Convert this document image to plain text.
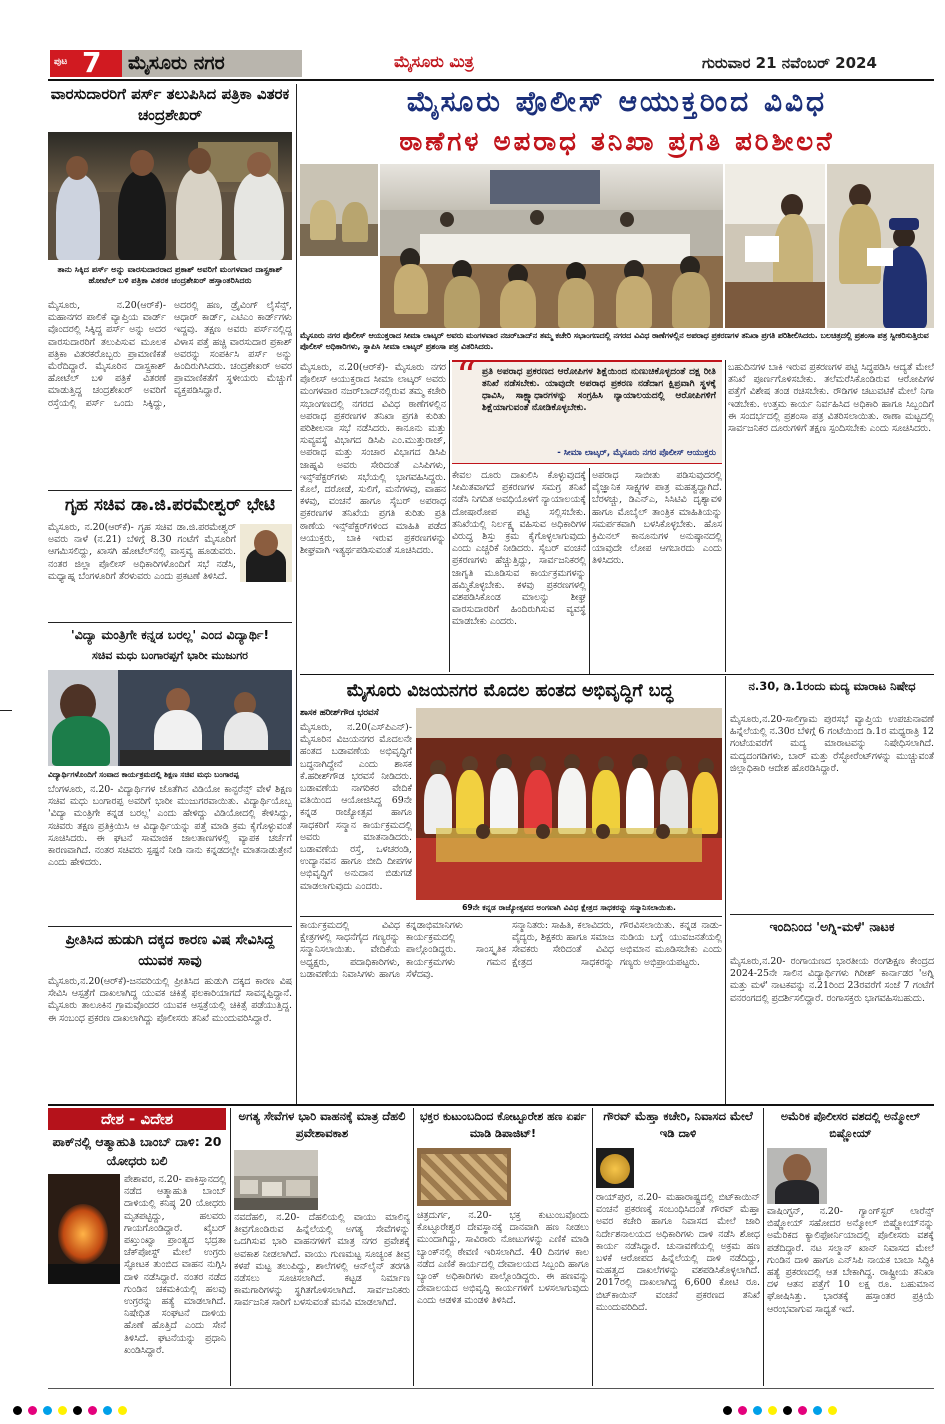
ಪುಟ 7 ಮೈಸೂರು ನಗರ	ಮೈಸೂರು ಮಿತ್ರ	ಗುರುವಾರ 21 ನವೆಂಬರ್ 2024
ವಾರಸುದಾರರಿಗೆ ಪರ್ಸ್ ತಲುಪಿಸಿದ ಪತ್ರಿಕಾ ವಿತರಕ ಚಂದ್ರಶೇಖರ್
ತಾನು ಸಿಕ್ಕಿದ ಪರ್ಸ್ ಅನ್ನು ವಾರಸುದಾರರಾದ ಪ್ರಕಾಶ್ ಅವರಿಗೆ ಮಂಗಳವಾರ ದಾಸ್ಪ್ರಕಾಶ್ ಹೋಟೆಲ್ ಬಳಿ ಪತ್ರಿಕಾ ವಿತರಕ ಚಂದ್ರಶೇಖರ್ ಹಸ್ತಾಂತರಿಸಿದರು
ಮೈಸೂರು, ನ.20(ಆರ್‌ಕೆ)- ಮಹಾನಗರ ಪಾಲಿಕೆ ವ್ಯಾಪ್ತಿಯ ವಾರ್ಡ್ ವೊಂದರಲ್ಲಿ ಸಿಕ್ಕಿದ್ದ ಪರ್ಸ್ ಅನ್ನು ಅದರ ವಾರಸುದಾರರಿಗೆ ತಲುಪಿಸುವ ಮೂಲಕ ಪತ್ರಿಕಾ ವಿತರಕರೊಬ್ಬರು ಪ್ರಾಮಾಣಿಕತೆ ಮೆರೆದಿದ್ದಾರೆ. ಮೈಸೂರಿನ ದಾಸ್ಪ್ರಕಾಶ್ ಹೋಟೆಲ್ ಬಳಿ ಪತ್ರಿಕೆ ವಿತರಣೆ ಮಾಡುತ್ತಿದ್ದ ಚಂದ್ರಶೇಖರ್ ಅವರಿಗೆ ರಸ್ತೆಯಲ್ಲಿ ಪರ್ಸ್ ಒಂದು ಸಿಕ್ಕಿದ್ದು, ಅದರಲ್ಲಿ ಹಣ, ಡ್ರೈವಿಂಗ್ ಲೈಸೆನ್ಸ್, ಆಧಾರ್ ಕಾರ್ಡ್, ಎಟಿಎಂ ಕಾರ್ಡ್‌ಗಳು ಇದ್ದವು. ತಕ್ಷಣ ಅವರು ಪರ್ಸ್‌ನಲ್ಲಿದ್ದ ವಿಳಾಸ ಪತ್ತೆ ಹಚ್ಚಿ ವಾರಸುದಾರ ಪ್ರಕಾಶ್ ಅವರನ್ನು ಸಂಪರ್ಕಿಸಿ ಪರ್ಸ್ ಅನ್ನು ಹಿಂದಿರುಗಿಸಿದರು. ಚಂದ್ರಶೇಖರ್ ಅವರ ಪ್ರಾಮಾಣಿಕತೆಗೆ ಸ್ಥಳೀಯರು ಮೆಚ್ಚುಗೆ ವ್ಯಕ್ತಪಡಿಸಿದ್ದಾರೆ.
ಗೃಹ ಸಚಿವ ಡಾ.ಜಿ.ಪರಮೇಶ್ವರ್ ಭೇಟಿ
ಮೈಸೂರು, ನ.20(ಆರ್‌ಕೆ)- ಗೃಹ ಸಚಿವ ಡಾ.ಜಿ.ಪರಮೇಶ್ವರ್ ಅವರು ನಾಳೆ (ನ.21) ಬೆಳಿಗ್ಗೆ 8.30 ಗಂಟೆಗೆ ಮೈಸೂರಿಗೆ ಆಗಮಿಸಲಿದ್ದು, ಖಾಸಗಿ ಹೋಟೆಲ್‌ನಲ್ಲಿ ವಾಸ್ತವ್ಯ ಹೂಡುವರು. ನಂತರ ಜಿಲ್ಲಾ ಪೊಲೀಸ್ ಅಧಿಕಾರಿಗಳೊಂದಿಗೆ ಸಭೆ ನಡೆಸಿ, ಮಧ್ಯಾಹ್ನ ಬೆಂಗಳೂರಿಗೆ ತೆರಳುವರು ಎಂದು ಪ್ರಕಟಣೆ ತಿಳಿಸಿದೆ.
'ವಿದ್ಯಾ ಮಂತ್ರಿಗೇ ಕನ್ನಡ ಬರಲ್ಲ' ಎಂದ ವಿದ್ಯಾರ್ಥಿ!
ಸಚಿವ ಮಧು ಬಂಗಾರಪ್ಪಗೆ ಭಾರೀ ಮುಜುಗರ
ವಿದ್ಯಾರ್ಥಿಗಳೊಂದಿಗೆ ಸಂವಾದ ಕಾರ್ಯಕ್ರಮದಲ್ಲಿ ಶಿಕ್ಷಣ ಸಚಿವ ಮಧು ಬಂಗಾರಪ್ಪ
ಬೆಂಗಳೂರು, ನ.20- ವಿದ್ಯಾರ್ಥಿಗಳ ಜೊತೆಗಿನ ವಿಡಿಯೋ ಕಾನ್ಫರೆನ್ಸ್ ವೇಳೆ ಶಿಕ್ಷಣ ಸಚಿವ ಮಧು ಬಂಗಾರಪ್ಪ ಅವರಿಗೆ ಭಾರೀ ಮುಜುಗರವಾಯಿತು. ವಿದ್ಯಾರ್ಥಿಯೊಬ್ಬ 'ವಿದ್ಯಾ ಮಂತ್ರಿಗೇ ಕನ್ನಡ ಬರಲ್ಲ' ಎಂದು ಹೇಳಿದ್ದು ವಿಡಿಯೋದಲ್ಲಿ ಕೇಳಿಸಿದ್ದು, ಸಚಿವರು ತಕ್ಷಣ ಪ್ರತಿಕ್ರಿಯಿಸಿ ಆ ವಿದ್ಯಾರ್ಥಿಯನ್ನು ಪತ್ತೆ ಮಾಡಿ ಕ್ರಮ ಕೈಗೊಳ್ಳುವಂತೆ ಸೂಚಿಸಿದರು. ಈ ಘಟನೆ ಸಾಮಾಜಿಕ ಜಾಲತಾಣಗಳಲ್ಲಿ ವ್ಯಾಪಕ ಚರ್ಚೆಗೆ ಕಾರಣವಾಗಿದೆ. ನಂತರ ಸಚಿವರು ಸ್ಪಷ್ಟನೆ ನೀಡಿ ನಾನು ಕನ್ನಡದಲ್ಲೇ ಮಾತನಾಡುತ್ತೇನೆ ಎಂದು ಹೇಳಿದರು.
ಪ್ರೀತಿಸಿದ ಹುಡುಗಿ ದಕ್ಕದ ಕಾರಣ ವಿಷ ಸೇವಿಸಿದ್ದ ಯುವಕ ಸಾವು
ಮೈಸೂರು,ನ.20(ಆರ್‌ಕೆ)-ಜನವರಿಯಲ್ಲಿ ಪ್ರೀತಿಸಿದ ಹುಡುಗಿ ದಕ್ಕದ ಕಾರಣ ವಿಷ ಸೇವಿಸಿ ಆಸ್ಪತ್ರೆಗೆ ದಾಖಲಾಗಿದ್ದ ಯುವಕ ಚಿಕಿತ್ಸೆ ಫಲಕಾರಿಯಾಗದೆ ಸಾವನ್ನಪ್ಪಿದ್ದಾನೆ. ಮೈಸೂರು ತಾಲೂಕಿನ ಗ್ರಾಮವೊಂದರ ಯುವಕ ಆಸ್ಪತ್ರೆಯಲ್ಲಿ ಚಿಕಿತ್ಸೆ ಪಡೆಯುತ್ತಿದ್ದ. ಈ ಸಂಬಂಧ ಪ್ರಕರಣ ದಾಖಲಾಗಿದ್ದು ಪೊಲೀಸರು ತನಿಖೆ ಮುಂದುವರಿಸಿದ್ದಾರೆ.
ಮೈಸೂರು ಪೊಲೀಸ್ ಆಯುಕ್ತರಿಂದ ವಿವಿಧ
ಠಾಣೆಗಳ ಅಪರಾಧ ತನಿಖಾ ಪ್ರಗತಿ ಪರಿಶೀಲನೆ
ಮೈಸೂರು ನಗರ ಪೊಲೀಸ್ ಆಯುಕ್ತರಾದ ಸೀಮಾ ಲಾಟ್ಕರ್ ಅವರು ಮಂಗಳವಾರ ನಜರ್‌ಬಾದ್‌ನ ತಮ್ಮ ಕಚೇರಿ ಸಭಾಂಗಣದಲ್ಲಿ ನಗರದ ವಿವಿಧ ಠಾಣೆಗಳಲ್ಲಿನ ಅಪರಾಧ ಪ್ರಕರಣಗಳ ತನಿಖಾ ಪ್ರಗತಿ ಪರಿಶೀಲಿಸಿದರು. ಬಲಚಿತ್ರದಲ್ಲಿ ಪ್ರಶಂಸಾ ಪತ್ರ ಸ್ವೀಕರಿಸುತ್ತಿರುವ ಪೊಲೀಸ್ ಅಧಿಕಾರಿಗಳು, ಸ್ಥಾಪಿಸಿ ಸೀಮಾ ಲಾಟ್ಕರ್ ಪ್ರಶಂಸಾ ಪತ್ರ ವಿತರಿಸಿದರು.
ಮೈಸೂರು, ನ.20(ಆರ್‌ಕೆ)- ಮೈಸೂರು ನಗರ ಪೊಲೀಸ್ ಆಯುಕ್ತರಾದ ಸೀಮಾ ಲಾಟ್ಕರ್ ಅವರು ಮಂಗಳವಾರ ನಜರ್‌ಬಾದ್‌ನಲ್ಲಿರುವ ತಮ್ಮ ಕಚೇರಿ ಸಭಾಂಗಣದಲ್ಲಿ ನಗರದ ವಿವಿಧ ಠಾಣೆಗಳಲ್ಲಿನ ಅಪರಾಧ ಪ್ರಕರಣಗಳ ತನಿಖಾ ಪ್ರಗತಿ ಕುರಿತು ಪರಿಶೀಲನಾ ಸಭೆ ನಡೆಸಿದರು. ಕಾನೂನು ಮತ್ತು ಸುವ್ಯವಸ್ಥೆ ವಿಭಾಗದ ಡಿಸಿಪಿ ಎಂ.ಮುತ್ತುರಾಜ್, ಅಪರಾಧ ಮತ್ತು ಸಂಚಾರ ವಿಭಾಗದ ಡಿಸಿಪಿ ಜಾಹ್ನವಿ ಅವರು ಸೇರಿದಂತೆ ಎಸಿಪಿಗಳು, ಇನ್ಸ್‌ಪೆಕ್ಟರ್‌ಗಳು ಸಭೆಯಲ್ಲಿ ಭಾಗವಹಿಸಿದ್ದರು. ಕೊಲೆ, ದರೋಡೆ, ಸುಲಿಗೆ, ಮನೆಗಳವು, ವಾಹನ ಕಳವು, ವಂಚನೆ ಹಾಗೂ ಸೈಬರ್ ಅಪರಾಧ ಪ್ರಕರಣಗಳ ತನಿಖೆಯ ಪ್ರಗತಿ ಕುರಿತು ಪ್ರತಿ ಠಾಣೆಯ ಇನ್ಸ್‌ಪೆಕ್ಟರ್‌ಗಳಿಂದ ಮಾಹಿತಿ ಪಡೆದ ಆಯುಕ್ತರು, ಬಾಕಿ ಇರುವ ಪ್ರಕರಣಗಳನ್ನು ಶೀಘ್ರವಾಗಿ ಇತ್ಯರ್ಥಪಡಿಸುವಂತೆ ಸೂಚಿಸಿದರು.
“ ಪ್ರತಿ ಅಪರಾಧ ಪ್ರಕರಣದ ಆರೋಪಿಗಳ ಶಿಕ್ಷೆಯಿಂದ ನುಣುಚಿಕೊಳ್ಳದಂತೆ ದಕ್ಷ ರೀತಿ ತನಿಖೆ ನಡೆಸಬೇಕು. ಯಾವುದೇ ಅಪರಾಧ ಪ್ರಕರಣ ನಡೆದಾಗ ಕ್ಷಿಪ್ರವಾಗಿ ಸ್ಥಳಕ್ಕೆ ಧಾವಿಸಿ, ಸಾಕ್ಷ್ಯಾಧಾರಗಳನ್ನು ಸಂಗ್ರಹಿಸಿ ನ್ಯಾಯಾಲಯದಲ್ಲಿ ಆರೋಪಿಗಳಿಗೆ ಶಿಕ್ಷೆಯಾಗುವಂತೆ ನೋಡಿಕೊಳ್ಳಬೇಕು.
- ಸೀಮಾ ಲಾಟ್ಕರ್, ಮೈಸೂರು ನಗರ ಪೊಲೀಸ್ ಆಯುಕ್ತರು
ಕೇವಲ ದೂರು ದಾಖಲಿಸಿ ಕೊಳ್ಳುವುದಕ್ಕೆ ಸೀಮಿತವಾಗದೆ ಪ್ರಕರಣಗಳ ಸಮಗ್ರ ತನಿಖೆ ನಡೆಸಿ ನಿಗದಿತ ಅವಧಿಯೊಳಗೆ ನ್ಯಾಯಾಲಯಕ್ಕೆ ದೋಷಾರೋಪ ಪಟ್ಟಿ ಸಲ್ಲಿಸಬೇಕು. ತನಿಖೆಯಲ್ಲಿ ನಿರ್ಲಕ್ಷ್ಯ ವಹಿಸುವ ಅಧಿಕಾರಿಗಳ ವಿರುದ್ಧ ಶಿಸ್ತು ಕ್ರಮ ಕೈಗೊಳ್ಳಲಾಗುವುದು ಎಂದು ಎಚ್ಚರಿಕೆ ನೀಡಿದರು. ಸೈಬರ್ ವಂಚನೆ ಪ್ರಕರಣಗಳು ಹೆಚ್ಚುತ್ತಿದ್ದು, ಸಾರ್ವಜನಿಕರಲ್ಲಿ ಜಾಗೃತಿ ಮೂಡಿಸುವ ಕಾರ್ಯಕ್ರಮಗಳನ್ನು ಹಮ್ಮಿಕೊಳ್ಳಬೇಕು. ಕಳವು ಪ್ರಕರಣಗಳಲ್ಲಿ ವಶಪಡಿಸಿಕೊಂಡ ಮಾಲನ್ನು ಶೀಘ್ರ ವಾರಸುದಾರರಿಗೆ ಹಿಂದಿರುಗಿಸುವ ವ್ಯವಸ್ಥೆ ಮಾಡಬೇಕು ಎಂದರು.
ಅಪರಾಧ ಸಾಬೀತು ಪಡಿಸುವುದರಲ್ಲಿ ವೈಜ್ಞಾನಿಕ ಸಾಕ್ಷ್ಯಗಳ ಪಾತ್ರ ಮಹತ್ವದ್ದಾಗಿದೆ. ಬೆರಳಚ್ಚು, ಡಿಎನ್‌ಎ, ಸಿಸಿಟಿವಿ ದೃಶ್ಯಾವಳಿ ಹಾಗೂ ಮೊಬೈಲ್ ತಾಂತ್ರಿಕ ಮಾಹಿತಿಯನ್ನು ಸಮರ್ಪಕವಾಗಿ ಬಳಸಿಕೊಳ್ಳಬೇಕು. ಹೊಸ ಕ್ರಿಮಿನಲ್ ಕಾನೂನುಗಳ ಅನುಷ್ಠಾನದಲ್ಲಿ ಯಾವುದೇ ಲೋಪ ಆಗಬಾರದು ಎಂದು ತಿಳಿಸಿದರು.
ಬಹುದಿನಗಳ ಬಾಕಿ ಇರುವ ಪ್ರಕರಣಗಳ ಪಟ್ಟಿ ಸಿದ್ಧಪಡಿಸಿ ಆದ್ಯತೆ ಮೇಲೆ ತನಿಖೆ ಪೂರ್ಣಗೊಳಿಸಬೇಕು. ತಲೆಮರೆಸಿಕೊಂಡಿರುವ ಆರೋಪಿಗಳ ಪತ್ತೆಗೆ ವಿಶೇಷ ತಂಡ ರಚಿಸಬೇಕು. ರೌಡಿಗಳ ಚಟುವಟಿಕೆ ಮೇಲೆ ನಿಗಾ ಇಡಬೇಕು. ಉತ್ತಮ ಕಾರ್ಯ ನಿರ್ವಹಿಸಿದ ಅಧಿಕಾರಿ ಹಾಗೂ ಸಿಬ್ಬಂದಿಗೆ ಈ ಸಂದರ್ಭದಲ್ಲಿ ಪ್ರಶಂಸಾ ಪತ್ರ ವಿತರಿಸಲಾಯಿತು. ಠಾಣಾ ಮಟ್ಟದಲ್ಲಿ ಸಾರ್ವಜನಿಕರ ದೂರುಗಳಿಗೆ ತಕ್ಷಣ ಸ್ಪಂದಿಸಬೇಕು ಎಂದು ಸೂಚಿಸಿದರು.
ದೇಶ - ವಿದೇಶ
ಪಾಕ್‌ನಲ್ಲಿ ಆತ್ಮಾಹುತಿ ಬಾಂಬ್ ದಾಳಿ: 20 ಯೋಧರು ಬಲಿ
ಪೇಶಾವರ, ನ.20- ಪಾಕಿಸ್ತಾನದಲ್ಲಿ ನಡೆದ ಆತ್ಮಾಹುತಿ ಬಾಂಬ್ ದಾಳಿಯಲ್ಲಿ ಕನಿಷ್ಠ 20 ಯೋಧರು ಮೃತಪಟ್ಟಿದ್ದು, ಹಲವರು ಗಾಯಗೊಂಡಿದ್ದಾರೆ. ಖೈಬರ್ ಪಖ್ತುಂಖ್ವಾ ಪ್ರಾಂತ್ಯದ ಭದ್ರತಾ ಚೆಕ್‌ಪೋಸ್ಟ್ ಮೇಲೆ ಉಗ್ರರು ಸ್ಫೋಟಕ ತುಂಬಿದ ವಾಹನ ನುಗ್ಗಿಸಿ ದಾಳಿ ನಡೆಸಿದ್ದಾರೆ. ನಂತರ ನಡೆದ ಗುಂಡಿನ ಚಕಮಕಿಯಲ್ಲಿ ಹಲವು ಉಗ್ರರನ್ನು ಹತ್ಯೆ ಮಾಡಲಾಗಿದೆ. ನಿಷೇಧಿತ ಸಂಘಟನೆ ದಾಳಿಯ ಹೊಣೆ ಹೊತ್ತಿದೆ ಎಂದು ಸೇನೆ ತಿಳಿಸಿದೆ. ಘಟನೆಯನ್ನು ಪ್ರಧಾನಿ ಖಂಡಿಸಿದ್ದಾರೆ.
ಅಗತ್ಯ ಸೇವೆಗಳ ಭಾರಿ ವಾಹನಕ್ಕೆ ಮಾತ್ರ ದೆಹಲಿ ಪ್ರವೇಶಾವಕಾಶ
ನವದೆಹಲಿ, ನ.20- ದೆಹಲಿಯಲ್ಲಿ ವಾಯು ಮಾಲಿನ್ಯ ತೀವ್ರಗೊಂಡಿರುವ ಹಿನ್ನೆಲೆಯಲ್ಲಿ ಅಗತ್ಯ ಸೇವೆಗಳನ್ನು ಒದಗಿಸುವ ಭಾರಿ ವಾಹನಗಳಿಗೆ ಮಾತ್ರ ನಗರ ಪ್ರವೇಶಕ್ಕೆ ಅವಕಾಶ ನೀಡಲಾಗಿದೆ. ವಾಯು ಗುಣಮಟ್ಟ ಸೂಚ್ಯಂಕ ತೀವ್ರ ಕಳಪೆ ಮಟ್ಟ ತಲುಪಿದ್ದು, ಶಾಲೆಗಳಲ್ಲಿ ಆನ್‌ಲೈನ್ ತರಗತಿ ನಡೆಸಲು ಸೂಚಿಸಲಾಗಿದೆ. ಕಟ್ಟಡ ನಿರ್ಮಾಣ ಕಾಮಗಾರಿಗಳನ್ನು ಸ್ಥಗಿತಗೊಳಿಸಲಾಗಿದೆ. ಸಾರ್ವಜನಿಕರು ಸಾರ್ವಜನಿಕ ಸಾರಿಗೆ ಬಳಸುವಂತೆ ಮನವಿ ಮಾಡಲಾಗಿದೆ.
ಭಕ್ತರ ಕುಟುಂಬದಿಂದ ಕೋಟ್ಟೂರೇಶ ಹಣ ಏರ್ಪ ಮಾಡಿ ಡಿಪಾಜಿಟ್!
ಚಿತ್ರದುರ್ಗ, ನ.20- ಭಕ್ತ ಕುಟುಂಬವೊಂದು ಕೊಟ್ಟೂರೇಶ್ವರ ದೇವಸ್ಥಾನಕ್ಕೆ ದಾನವಾಗಿ ಹಣ ನೀಡಲು ಮುಂದಾಗಿದ್ದು, ಸಾವಿರಾರು ನೋಟುಗಳನ್ನು ಎಣಿಕೆ ಮಾಡಿ ಬ್ಯಾಂಕ್‌ನಲ್ಲಿ ಠೇವಣಿ ಇರಿಸಲಾಗಿದೆ. 40 ದಿನಗಳ ಕಾಲ ನಡೆದ ಎಣಿಕೆ ಕಾರ್ಯದಲ್ಲಿ ದೇವಾಲಯದ ಸಿಬ್ಬಂದಿ ಹಾಗೂ ಬ್ಯಾಂಕ್ ಅಧಿಕಾರಿಗಳು ಪಾಲ್ಗೊಂಡಿದ್ದರು. ಈ ಹಣವನ್ನು ದೇವಾಲಯದ ಅಭಿವೃದ್ಧಿ ಕಾರ್ಯಗಳಿಗೆ ಬಳಸಲಾಗುವುದು ಎಂದು ಆಡಳಿತ ಮಂಡಳಿ ತಿಳಿಸಿದೆ.
ಗೌರವ್ ಮೆಹ್ತಾ ಕಚೇರಿ, ನಿವಾಸದ ಮೇಲೆ ಇಡಿ ದಾಳಿ
ರಾಯ್‌ಪುರ, ನ.20- ಮಹಾರಾಷ್ಟ್ರದಲ್ಲಿ ಬಿಟ್‌ಕಾಯಿನ್ ವಂಚನೆ ಪ್ರಕರಣಕ್ಕೆ ಸಂಬಂಧಿಸಿದಂತೆ ಗೌರವ್ ಮೆಹ್ತಾ ಅವರ ಕಚೇರಿ ಹಾಗೂ ನಿವಾಸದ ಮೇಲೆ ಜಾರಿ ನಿರ್ದೇಶನಾಲಯದ ಅಧಿಕಾರಿಗಳು ದಾಳಿ ನಡೆಸಿ ಶೋಧ ಕಾರ್ಯ ನಡೆಸಿದ್ದಾರೆ. ಚುನಾವಣೆಯಲ್ಲಿ ಅಕ್ರಮ ಹಣ ಬಳಕೆ ಆರೋಪದ ಹಿನ್ನೆಲೆಯಲ್ಲಿ ದಾಳಿ ನಡೆದಿದ್ದು, ಮಹತ್ವದ ದಾಖಲೆಗಳನ್ನು ವಶಪಡಿಸಿಕೊಳ್ಳಲಾಗಿದೆ. 2017ರಲ್ಲಿ ದಾಖಲಾಗಿದ್ದ 6,600 ಕೋಟಿ ರೂ. ಬಿಟ್‌ಕಾಯಿನ್ ವಂಚನೆ ಪ್ರಕರಣದ ತನಿಖೆ ಮುಂದುವರಿದಿದೆ.
ಅಮೆರಿಕ ಪೊಲೀಸರ ವಶದಲ್ಲಿ ಅನ್ಮೋಲ್ ಬಿಷ್ಣೋಯ್
ವಾಷಿಂಗ್ಟನ್, ನ.20- ಗ್ಯಾಂಗ್‌ಸ್ಟರ್ ಲಾರೆನ್ಸ್ ಬಿಷ್ಣೋಯ್ ಸಹೋದರ ಅನ್ಮೋಲ್ ಬಿಷ್ಣೋಯ್‌ನನ್ನು ಅಮೆರಿಕದ ಕ್ಯಾಲಿಫೋರ್ನಿಯಾದಲ್ಲಿ ಪೊಲೀಸರು ವಶಕ್ಕೆ ಪಡೆದಿದ್ದಾರೆ. ನಟ ಸಲ್ಮಾನ್ ಖಾನ್ ನಿವಾಸದ ಮೇಲೆ ಗುಂಡಿನ ದಾಳಿ ಹಾಗೂ ಎನ್‌ಸಿಪಿ ನಾಯಕ ಬಾಬಾ ಸಿದ್ದಿಕಿ ಹತ್ಯೆ ಪ್ರಕರಣದಲ್ಲಿ ಆತ ಬೇಕಾಗಿದ್ದ. ರಾಷ್ಟ್ರೀಯ ತನಿಖಾ ದಳ ಆತನ ಪತ್ತೆಗೆ 10 ಲಕ್ಷ ರೂ. ಬಹುಮಾನ ಘೋಷಿಸಿತ್ತು. ಭಾರತಕ್ಕೆ ಹಸ್ತಾಂತರ ಪ್ರಕ್ರಿಯೆ ಆರಂಭವಾಗುವ ಸಾಧ್ಯತೆ ಇದೆ.
ಮೈಸೂರು ವಿಜಯನಗರ ಮೊದಲ ಹಂತದ ಅಭಿವೃದ್ಧಿಗೆ ಬದ್ಧ
ಶಾಸಕ ಹರೀಶ್‌ಗೌಡ ಭರವಸೆ
ಮೈಸೂರು, ನ.20(ಎಸ್‌ಪಿಎನ್)- ಮೈಸೂರಿನ ವಿಜಯನಗರ ಮೊದಲನೇ ಹಂತದ ಬಡಾವಣೆಯ ಅಭಿವೃದ್ಧಿಗೆ ಬದ್ಧನಾಗಿದ್ದೇನೆ ಎಂದು ಶಾಸಕ ಕೆ.ಹರೀಶ್‌ಗೌಡ ಭರವಸೆ ನೀಡಿದರು. ಬಡಾವಣೆಯ ನಾಗರಿಕರ ವೇದಿಕೆ ವತಿಯಿಂದ ಆಯೋಜಿಸಿದ್ದ 69ನೇ ಕನ್ನಡ ರಾಜ್ಯೋತ್ಸವ ಹಾಗೂ ಸಾಧಕರಿಗೆ ಸನ್ಮಾನ ಕಾರ್ಯಕ್ರಮದಲ್ಲಿ ಅವರು ಮಾತನಾಡಿದರು. ಬಡಾವಣೆಯ ರಸ್ತೆ, ಒಳಚರಂಡಿ, ಉದ್ಯಾನವನ ಹಾಗೂ ಬೀದಿ ದೀಪಗಳ ಅಭಿವೃದ್ಧಿಗೆ ಅನುದಾನ ಬಿಡುಗಡೆ ಮಾಡಲಾಗುವುದು ಎಂದರು.
69ನೇ ಕನ್ನಡ ರಾಜ್ಯೋತ್ಸವದ ಅಂಗವಾಗಿ ವಿವಿಧ ಕ್ಷೇತ್ರದ ಸಾಧಕರನ್ನು ಸನ್ಮಾನಿಸಲಾಯಿತು.
ಕಾರ್ಯಕ್ರಮದಲ್ಲಿ ವಿವಿಧ ಕ್ಷೇತ್ರಗಳಲ್ಲಿ ಸಾಧನೆಗೈದ ಗಣ್ಯರನ್ನು ಸನ್ಮಾನಿಸಲಾಯಿತು. ವೇದಿಕೆಯ ಅಧ್ಯಕ್ಷರು, ಪದಾಧಿಕಾರಿಗಳು, ಬಡಾವಣೆಯ ನಿವಾಸಿಗಳು ಹಾಗೂ ಕನ್ನಡಾಭಿಮಾನಿಗಳು ಕಾರ್ಯಕ್ರಮದಲ್ಲಿ ಪಾಲ್ಗೊಂಡಿದ್ದರು. ಸಾಂಸ್ಕೃತಿಕ ಕಾರ್ಯಕ್ರಮಗಳು ಗಮನ ಸೆಳೆದವು.
ಸನ್ಮಾನಿತರು: ಸಾಹಿತಿ, ಕಲಾವಿದರು, ವೈದ್ಯರು, ಶಿಕ್ಷಕರು ಹಾಗೂ ಸಮಾಜ ಸೇವಕರು ಸೇರಿದಂತೆ ವಿವಿಧ ಕ್ಷೇತ್ರದ ಸಾಧಕರನ್ನು ಗೌರವಿಸಲಾಯಿತು. ಕನ್ನಡ ನಾಡು-ನುಡಿಯ ಬಗ್ಗೆ ಯುವಜನತೆಯಲ್ಲಿ ಅಭಿಮಾನ ಮೂಡಿಸಬೇಕು ಎಂದು ಗಣ್ಯರು ಅಭಿಪ್ರಾಯಪಟ್ಟರು.
ನ.30, ಡಿ.1ರಂದು ಮದ್ಯ ಮಾರಾಟ ನಿಷೇಧ
ಮೈಸೂರು,ನ.20-ಸಾಲಿಗ್ರಾಮ ಪುರಸಭೆ ವ್ಯಾಪ್ತಿಯ ಉಪಚುನಾವಣೆ ಹಿನ್ನೆಲೆಯಲ್ಲಿ ನ.30ರ ಬೆಳಿಗ್ಗೆ 6 ಗಂಟೆಯಿಂದ ಡಿ.1ರ ಮಧ್ಯರಾತ್ರಿ 12 ಗಂಟೆಯವರೆಗೆ ಮದ್ಯ ಮಾರಾಟವನ್ನು ನಿಷೇಧಿಸಲಾಗಿದೆ. ಮದ್ಯದಂಗಡಿಗಳು, ಬಾರ್ ಮತ್ತು ರೆಸ್ಟೋರೆಂಟ್‌ಗಳನ್ನು ಮುಚ್ಚುವಂತೆ ಜಿಲ್ಲಾಧಿಕಾರಿ ಆದೇಶ ಹೊರಡಿಸಿದ್ದಾರೆ.
ಇಂದಿನಿಂದ 'ಅಗ್ನಿ-ಮಳೆ' ನಾಟಕ
ಮೈಸೂರು,ನ.20- ರಂಗಾಯಣದ ಭಾರತೀಯ ರಂಗಶಿಕ್ಷಣ ಕೇಂದ್ರದ 2024-25ನೇ ಸಾಲಿನ ವಿದ್ಯಾರ್ಥಿಗಳು ಗಿರೀಶ್ ಕಾರ್ನಾಡರ 'ಅಗ್ನಿ ಮತ್ತು ಮಳೆ' ನಾಟಕವನ್ನು ನ.21ರಿಂದ 23ರವರೆಗೆ ಸಂಜೆ 7 ಗಂಟೆಗೆ ವನರಂಗದಲ್ಲಿ ಪ್ರದರ್ಶಿಸಲಿದ್ದಾರೆ. ರಂಗಾಸಕ್ತರು ಭಾಗವಹಿಸಬಹುದು.
